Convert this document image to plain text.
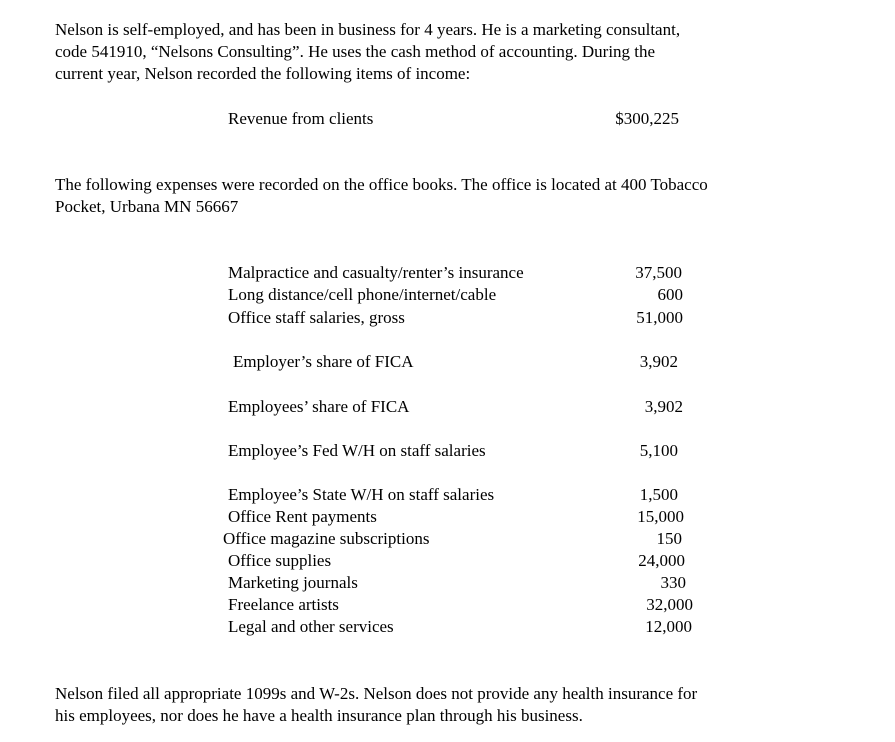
Nelson is self-employed, and has been in business for 4 years. He is a marketing consultant,
code 541910, “Nelsons Consulting”. He uses the cash method of accounting. During the
current year, Nelson recorded the following items of income:
Revenue from clients	$300,225
The following expenses were recorded on the office books. The office is located at 400 Tobacco
Pocket, Urbana MN 56667
Malpractice and casualty/renter’s insurance	37,500
Long distance/cell phone/internet/cable	600
Office staff salaries, gross	51,000
Employer’s share of FICA	3,902
Employees’ share of FICA	3,902
Employee’s Fed W/H on staff salaries	5,100
Employee’s State W/H on staff salaries	1,500
Office Rent payments	15,000
Office magazine subscriptions	150
Office supplies	24,000
Marketing journals	330
Freelance artists	32,000
Legal and other services	12,000
Nelson filed all appropriate 1099s and W-2s. Nelson does not provide any health insurance for
his employees, nor does he have a health insurance plan through his business.
